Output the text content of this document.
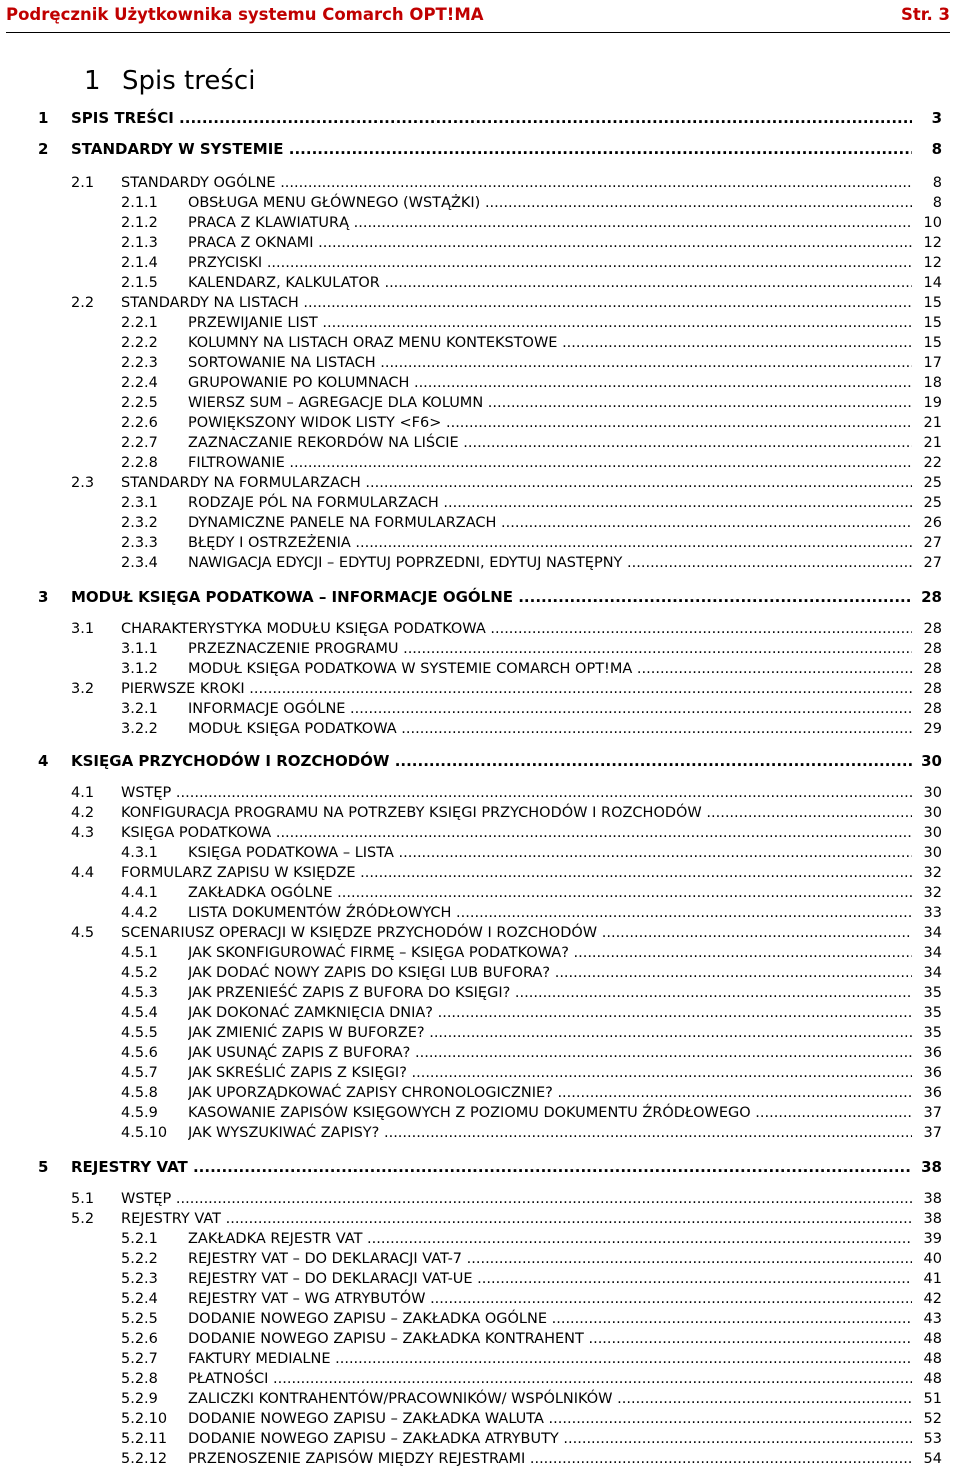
Podręcznik Użytkownika systemu Comarch OPT!MA	Str. 3
1 Spis treści
1 SPIS TREŚCI .....	3
2 STANDARDY W SYSTEMIE .....	8
2.1 STANDARDY OGÓLNE .....	8
2.1.1 OBSŁUGA MENU GŁÓWNEGO (WSTĄŻKI) .....	8
2.1.2 PRACA Z KLAWIATURĄ .....	10
2.1.3 PRACA Z OKNAMI .....	12
2.1.4 PRZYCISKI .....	12
2.1.5 KALENDARZ, KALKULATOR .....	14
2.2 STANDARDY NA LISTACH .....	15
2.2.1 PRZEWIJANIE LIST .....	15
2.2.2 KOLUMNY NA LISTACH ORAZ MENU KONTEKSTOWE .....	15
2.2.3 SORTOWANIE NA LISTACH .....	17
2.2.4 GRUPOWANIE PO KOLUMNACH .....	18
2.2.5 WIERSZ SUM – AGREGACJE DLA KOLUMN .....	19
2.2.6 POWIĘKSZONY WIDOK LISTY <F6> .....	21
2.2.7 ZAZNACZANIE REKORDÓW NA LIŚCIE .....	21
2.2.8 FILTROWANIE .....	22
2.3 STANDARDY NA FORMULARZACH .....	25
2.3.1 RODZAJE PÓL NA FORMULARZACH .....	25
2.3.2 DYNAMICZNE PANELE NA FORMULARZACH .....	26
2.3.3 BŁĘDY I OSTRZEŻENIA .....	27
2.3.4 NAWIGACJA EDYCJI – EDYTUJ POPRZEDNI, EDYTUJ NASTĘPNY .....	27
3 MODUŁ KSIĘGA PODATKOWA – INFORMACJE OGÓLNE .....	28
3.1 CHARAKTERYSTYKA MODUŁU KSIĘGA PODATKOWA .....	28
3.1.1 PRZEZNACZENIE PROGRAMU .....	28
3.1.2 MODUŁ KSIĘGA PODATKOWA W SYSTEMIE COMARCH OPT!MA .....	28
3.2 PIERWSZE KROKI .....	28
3.2.1 INFORMACJE OGÓLNE .....	28
3.2.2 MODUŁ KSIĘGA PODATKOWA .....	29
4 KSIĘGA PRZYCHODÓW I ROZCHODÓW .....	30
4.1 WSTĘP .....	30
4.2 KONFIGURACJA PROGRAMU NA POTRZEBY KSIĘGI PRZYCHODÓW I ROZCHODÓW .....	30
4.3 KSIĘGA PODATKOWA .....	30
4.3.1 KSIĘGA PODATKOWA – LISTA .....	30
4.4 FORMULARZ ZAPISU W KSIĘDZE .....	32
4.4.1 ZAKŁADKA OGÓLNE .....	32
4.4.2 LISTA DOKUMENTÓW ŹRÓDŁOWYCH .....	33
4.5 SCENARIUSZ OPERACJI W KSIĘDZE PRZYCHODÓW I ROZCHODÓW .....	34
4.5.1 JAK SKONFIGUROWAĆ FIRMĘ – KSIĘGA PODATKOWA? .....	34
4.5.2 JAK DODAĆ NOWY ZAPIS DO KSIĘGI LUB BUFORA? .....	34
4.5.3 JAK PRZENIEŚĆ ZAPIS Z BUFORA DO KSIĘGI? .....	35
4.5.4 JAK DOKONAĆ ZAMKNIĘCIA DNIA? .....	35
4.5.5 JAK ZMIENIĆ ZAPIS W BUFORZE? .....	35
4.5.6 JAK USUNĄĆ ZAPIS Z BUFORA? .....	36
4.5.7 JAK SKREŚLIĆ ZAPIS Z KSIĘGI? .....	36
4.5.8 JAK UPORZĄDKOWAĆ ZAPISY CHRONOLOGICZNIE? .....	36
4.5.9 KASOWANIE ZAPISÓW KSIĘGOWYCH Z POZIOMU DOKUMENTU ŹRÓDŁOWEGO .....	37
4.5.10 JAK WYSZUKIWAĆ ZAPISY? .....	37
5 REJESTRY VAT .....	38
5.1 WSTĘP .....	38
5.2 REJESTRY VAT .....	38
5.2.1 ZAKŁADKA REJESTR VAT .....	39
5.2.2 REJESTRY VAT – DO DEKLARACJI VAT-7 .....	40
5.2.3 REJESTRY VAT – DO DEKLARACJI VAT-UE .....	41
5.2.4 REJESTRY VAT – WG ATRYBUTÓW .....	42
5.2.5 DODANIE NOWEGO ZAPISU – ZAKŁADKA OGÓLNE .....	43
5.2.6 DODANIE NOWEGO ZAPISU – ZAKŁADKA KONTRAHENT .....	48
5.2.7 FAKTURY MEDIALNE .....	48
5.2.8 PŁATNOŚCI .....	48
5.2.9 ZALICZKI KONTRAHENTÓW/PRACOWNIKÓW/ WSPÓLNIKÓW .....	51
5.2.10 DODANIE NOWEGO ZAPISU – ZAKŁADKA WALUTA .....	52
5.2.11 DODANIE NOWEGO ZAPISU – ZAKŁADKA ATRYBUTY .....	53
5.2.12 PRZENOSZENIE ZAPISÓW MIĘDZY REJESTRAMI .....	54
